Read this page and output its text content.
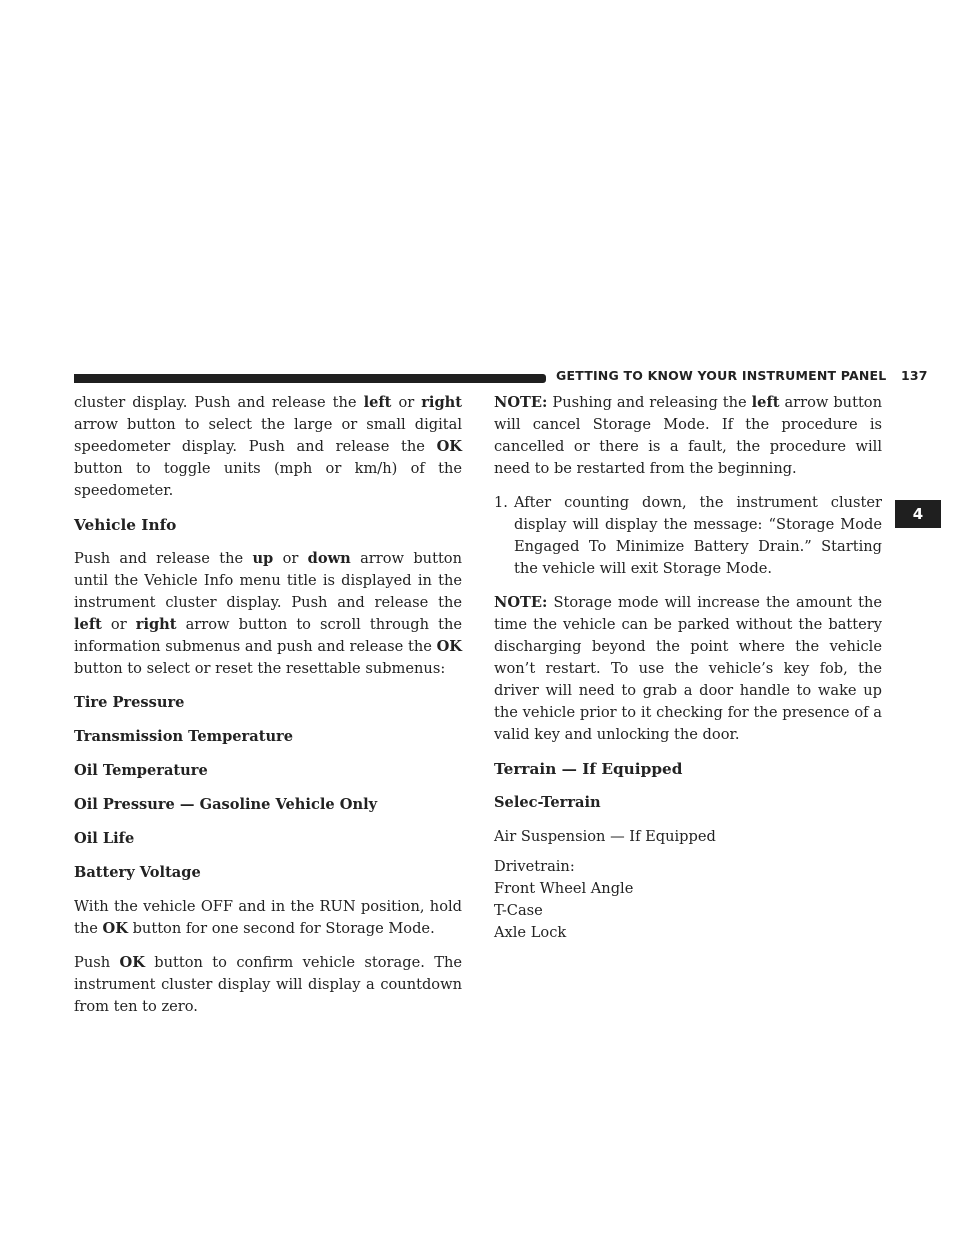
GETTING TO KNOW YOUR INSTRUMENT PANEL 137
4

cluster display. Push and release the left or right arrow button to select the large or small digital speedometer display. Push and release the OK button to toggle units (mph or km/h) of the speedometer.

Vehicle Info

Push and release the up or down arrow button until the Vehicle Info menu title is displayed in the instrument cluster display. Push and release the left or right arrow button to scroll through the information submenus and push and release the OK button to select or reset the resettable submenus:

Tire Pressure
Transmission Temperature
Oil Temperature
Oil Pressure — Gasoline Vehicle Only
Oil Life
Battery Voltage

With the vehicle OFF and in the RUN position, hold the OK button for one second for Storage Mode.

Push OK button to confirm vehicle storage. The instrument cluster display will display a countdown from ten to zero.

NOTE: Pushing and releasing the left arrow button will cancel Storage Mode. If the procedure is cancelled or there is a fault, the procedure will need to be restarted from the beginning.

1. After counting down, the instrument cluster display will display the message: “Storage Mode Engaged To Minimize Battery Drain.” Starting the vehicle will exit Storage Mode.

NOTE: Storage mode will increase the amount the time the vehicle can be parked without the battery discharging beyond the point where the vehicle won’t restart. To use the vehicle’s key fob, the driver will need to grab a door handle to wake up the vehicle prior to it checking for the presence of a valid key and unlocking the door.

Terrain — If Equipped
Selec-Terrain

Air Suspension — If Equipped

Drivetrain:

Front Wheel Angle

T-Case

Axle Lock
